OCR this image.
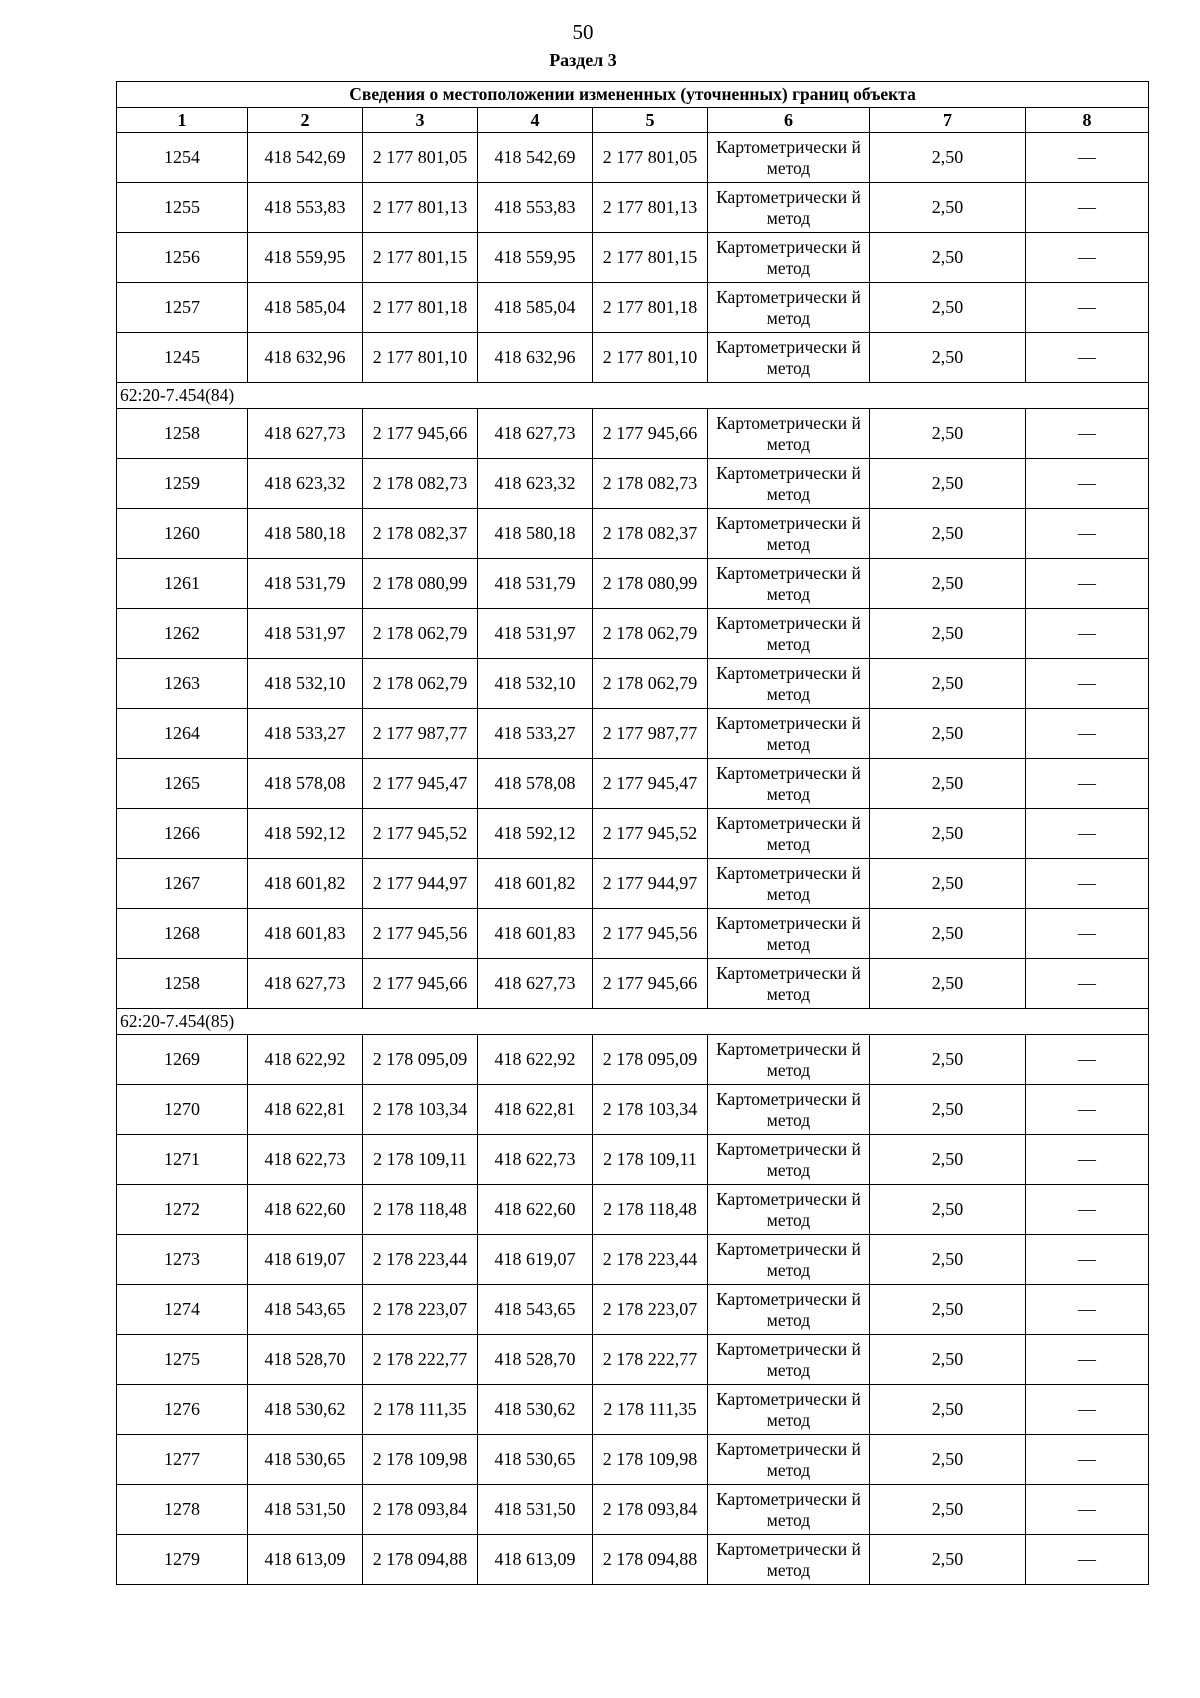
50
Раздел 3
Сведения о местоположении измененных (уточненных) границ объекта							
1	2	3	4	5	6	7	8
1254	418 542,69	2 177 801,05	418 542,69	2 177 801,05	Картометрически й метод	2,50	—
1255	418 553,83	2 177 801,13	418 553,83	2 177 801,13	Картометрически й метод	2,50	—
1256	418 559,95	2 177 801,15	418 559,95	2 177 801,15	Картометрически й метод	2,50	—
1257	418 585,04	2 177 801,18	418 585,04	2 177 801,18	Картометрически й метод	2,50	—
1245	418 632,96	2 177 801,10	418 632,96	2 177 801,10	Картометрически й метод	2,50	—
62:20-7.454(84)							
1258	418 627,73	2 177 945,66	418 627,73	2 177 945,66	Картометрически й метод	2,50	—
1259	418 623,32	2 178 082,73	418 623,32	2 178 082,73	Картометрически й метод	2,50	—
1260	418 580,18	2 178 082,37	418 580,18	2 178 082,37	Картометрически й метод	2,50	—
1261	418 531,79	2 178 080,99	418 531,79	2 178 080,99	Картометрически й метод	2,50	—
1262	418 531,97	2 178 062,79	418 531,97	2 178 062,79	Картометрически й метод	2,50	—
1263	418 532,10	2 178 062,79	418 532,10	2 178 062,79	Картометрически й метод	2,50	—
1264	418 533,27	2 177 987,77	418 533,27	2 177 987,77	Картометрически й метод	2,50	—
1265	418 578,08	2 177 945,47	418 578,08	2 177 945,47	Картометрически й метод	2,50	—
1266	418 592,12	2 177 945,52	418 592,12	2 177 945,52	Картометрически й метод	2,50	—
1267	418 601,82	2 177 944,97	418 601,82	2 177 944,97	Картометрически й метод	2,50	—
1268	418 601,83	2 177 945,56	418 601,83	2 177 945,56	Картометрически й метод	2,50	—
1258	418 627,73	2 177 945,66	418 627,73	2 177 945,66	Картометрически й метод	2,50	—
62:20-7.454(85)							
1269	418 622,92	2 178 095,09	418 622,92	2 178 095,09	Картометрически й метод	2,50	—
1270	418 622,81	2 178 103,34	418 622,81	2 178 103,34	Картометрически й метод	2,50	—
1271	418 622,73	2 178 109,11	418 622,73	2 178 109,11	Картометрически й метод	2,50	—
1272	418 622,60	2 178 118,48	418 622,60	2 178 118,48	Картометрически й метод	2,50	—
1273	418 619,07	2 178 223,44	418 619,07	2 178 223,44	Картометрически й метод	2,50	—
1274	418 543,65	2 178 223,07	418 543,65	2 178 223,07	Картометрически й метод	2,50	—
1275	418 528,70	2 178 222,77	418 528,70	2 178 222,77	Картометрически й метод	2,50	—
1276	418 530,62	2 178 111,35	418 530,62	2 178 111,35	Картометрически й метод	2,50	—
1277	418 530,65	2 178 109,98	418 530,65	2 178 109,98	Картометрически й метод	2,50	—
1278	418 531,50	2 178 093,84	418 531,50	2 178 093,84	Картометрически й метод	2,50	—
1279	418 613,09	2 178 094,88	418 613,09	2 178 094,88	Картометрически й метод	2,50	—
